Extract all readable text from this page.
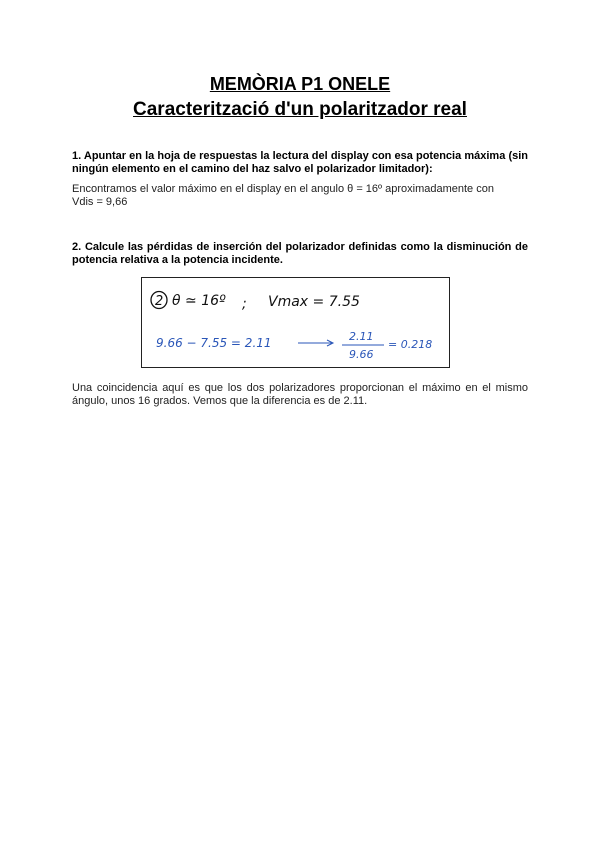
MEMÒRIA P1 ONELE
Caracterització d'un polaritzador real
1. Apuntar en la hoja de respuestas la lectura del display con esa potencia máxima (sin ningún elemento en el camino del haz salvo el polarizador limitador):
Encontramos el valor máximo en el display en el angulo θ = 16º aproximadamente con
Vdis = 9,66
2. Calcule las pérdidas de inserción del polarizador definidas como la disminución de potencia relativa a la potencia incidente.
2 θ ≃ 16º ; Vmax = 7.55
9.66 − 7.55 = 2.11	2.11
9.66
= 0.218
Una coincidencia aquí es que los dos polarizadores proporcionan el máximo en el mismo ángulo, unos 16 grados. Vemos que la diferencia es de 2.11.
